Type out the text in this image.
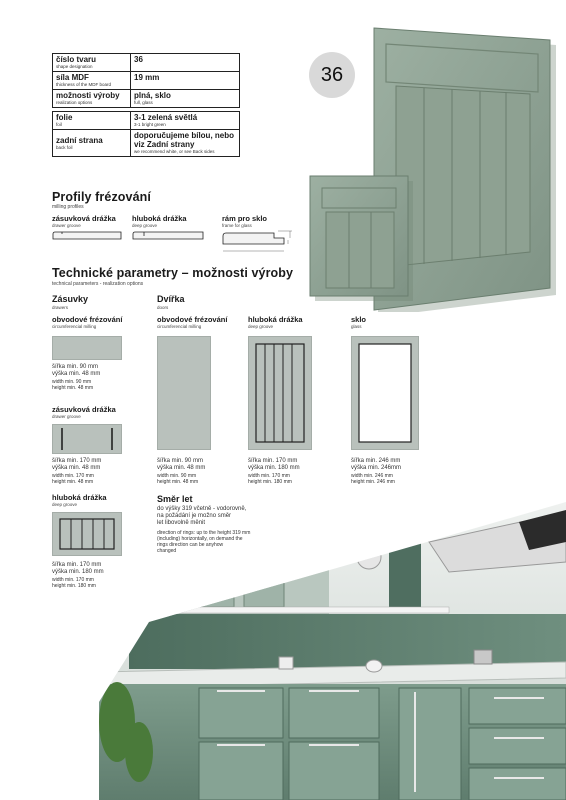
číslo tvaru
shape designation	36

síla MDF
thickness of the MDF board	19 mm

možnosti výroby
realization options	plná, sklo
full, glass

folie
foil	3-1 zelená světlá
3-1 bright green

zadní strana
back foil	doporučujeme bílou, nebo viz Zadní strany
we recommend white, or see Back sides
36
Profily frézování
milling profiles
zásuvková drážka
drawer groove
hluboká drážka
deep groove
rám pro sklo
frame for glass
Technické parametry – možnosti výroby
technical parameters - realization options
Zásuvky
drawers
Dvířka
doors
obvodové frézování
circumferencial milling
šířka min. 90 mm
výška min. 48 mm
width min. 90 mm
height min. 48 mm
zásuvková drážka
drawer groove
šířka min. 170 mm
výška min. 48 mm
width min. 170 mm
height min. 48 mm
hluboká drážka
deep groove
šířka min. 170 mm
výška min. 180 mm
width min. 170 mm
height min. 180 mm
obvodové frézování
circumferencial milling
šířka min. 90 mm
výška min. 48 mm
width min. 90 mm
height min. 48 mm
hluboká drážka
deep groove
šířka min. 170 mm
výška min. 180 mm
width min. 170 mm
height min. 180 mm
sklo
glass
šířka min. 246 mm
výška min. 246mm
width min. 246 mm
height min. 246 mm
Směr let
do výšky 319 včetně - vodorovně,
na požádání je možno směr
let libovolně měnit
direction of rings: up to the height 319 mm
(including) horizontally, on demand the
rings direction can be anyhow
changed
